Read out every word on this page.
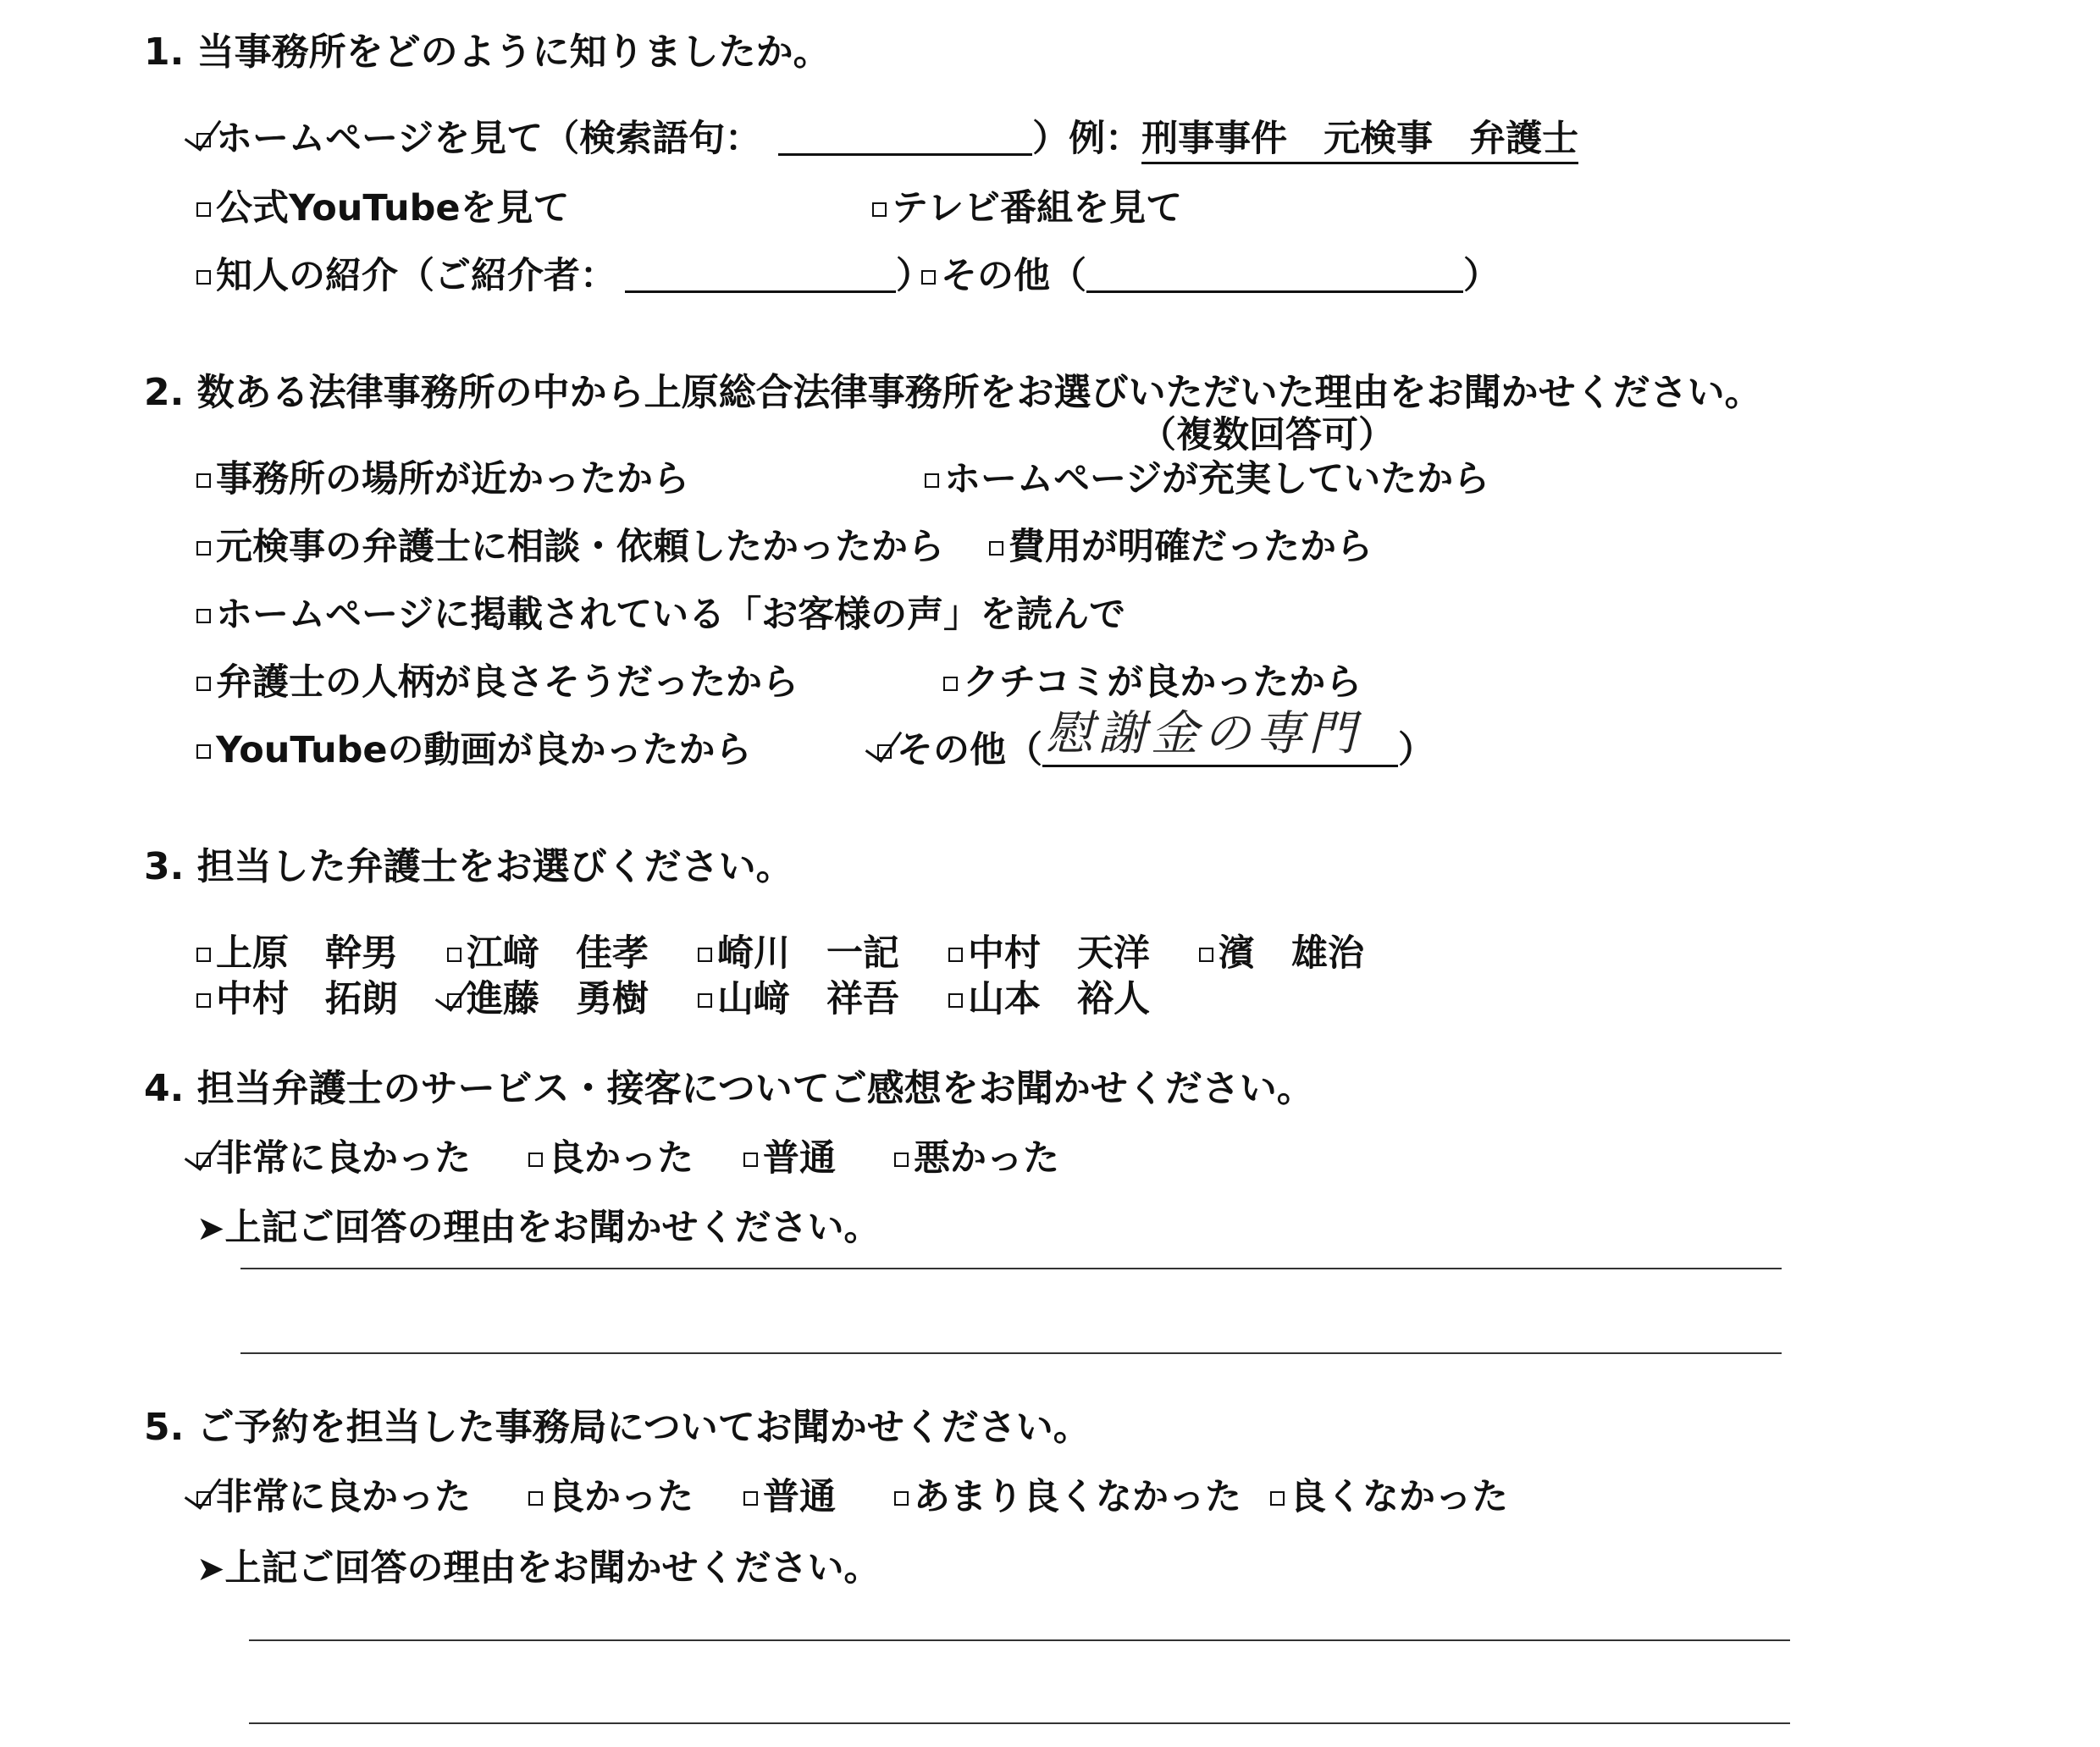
1. 当事務所をどのように知りましたか。
ホームページを見て（検索語句：	）例：刑事事件　元検事　弁護士
公式YouTubeを見て	テレビ番組を見て
知人の紹介（ご紹介者：	） その他（	）
2. 数ある法律事務所の中から上原総合法律事務所をお選びいただいた理由をお聞かせください。
（複数回答可）
事務所の場所が近かったから	ホームページが充実していたから
元検事の弁護士に相談・依頼したかったから	費用が明確だったから
ホームページに掲載されている「お客様の声」を読んで
弁護士の人柄が良さそうだったから	クチコミが良かったから
YouTubeの動画が良かったから	その他（ 慰謝金の専門 ）
3. 担当した弁護士をお選びください。
上原　幹男	江﨑　佳孝	崎川　一記	中村　天洋	濱　雄治
中村　拓朗	進藤　勇樹	山﨑　祥吾	山本　裕人
4. 担当弁護士のサービス・接客についてご感想をお聞かせください。
非常に良かった	良かった	普通	悪かった
➤上記ご回答の理由をお聞かせください。
5. ご予約を担当した事務局についてお聞かせください。
非常に良かった	良かった	普通	あまり良くなかった	良くなかった
➤上記ご回答の理由をお聞かせください。
